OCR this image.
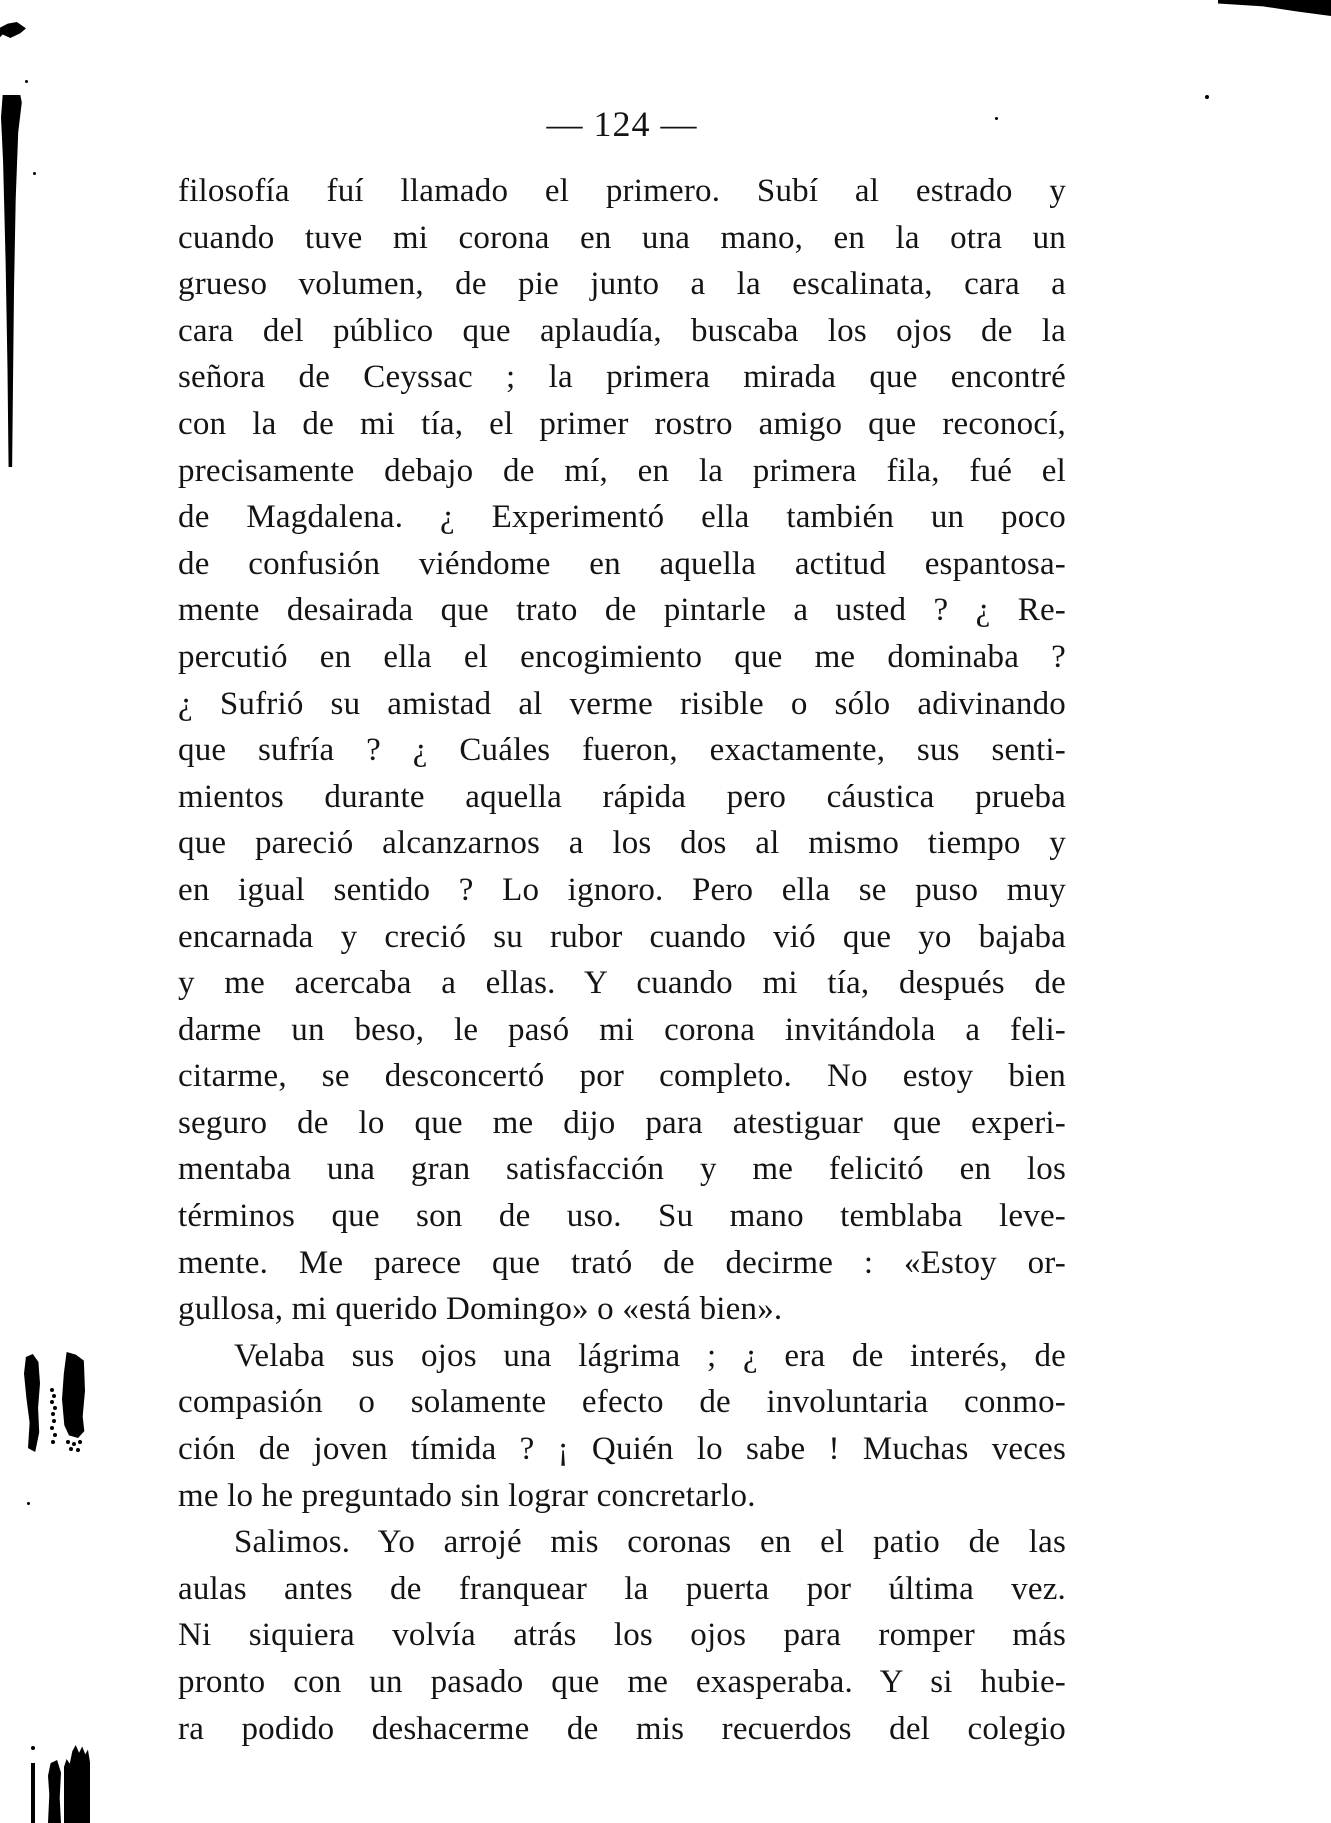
— 124 —
filosofía fuí llamado el primero. Subí al estrado y
cuando tuve mi corona en una mano, en la otra un
grueso volumen, de pie junto a la escalinata, cara a
cara del público que aplaudía, buscaba los ojos de la
señora de Ceyssac ; la primera mirada que encontré
con la de mi tía, el primer rostro amigo que reconocí,
precisamente debajo de mí, en la primera fila, fué el
de Magdalena. ¿ Experimentó ella también un poco
de confusión viéndome en aquella actitud espantosa-
mente desairada que trato de pintarle a usted ? ¿ Re-
percutió en ella el encogimiento que me dominaba ?
¿ Sufrió su amistad al verme risible o sólo adivinando
que sufría ? ¿ Cuáles fueron, exactamente, sus senti-
mientos durante aquella rápida pero cáustica prueba
que pareció alcanzarnos a los dos al mismo tiempo y
en igual sentido ? Lo ignoro. Pero ella se puso muy
encarnada y creció su rubor cuando vió que yo bajaba
y me acercaba a ellas. Y cuando mi tía, después de
darme un beso, le pasó mi corona invitándola a feli-
citarme, se desconcertó por completo. No estoy bien
seguro de lo que me dijo para atestiguar que experi-
mentaba una gran satisfacción y me felicitó en los
términos que son de uso. Su mano temblaba leve-
mente. Me parece que trató de decirme : «Estoy or-
gullosa, mi querido Domingo» o «está bien».
Velaba sus ojos una lágrima ; ¿ era de interés, de
compasión o solamente efecto de involuntaria conmo-
ción de joven tímida ? ¡ Quién lo sabe ! Muchas veces
me lo he preguntado sin lograr concretarlo.
Salimos. Yo arrojé mis coronas en el patio de las
aulas antes de franquear la puerta por última vez.
Ni siquiera volvía atrás los ojos para romper más
pronto con un pasado que me exasperaba. Y si hubie-
ra podido deshacerme de mis recuerdos del colegio
